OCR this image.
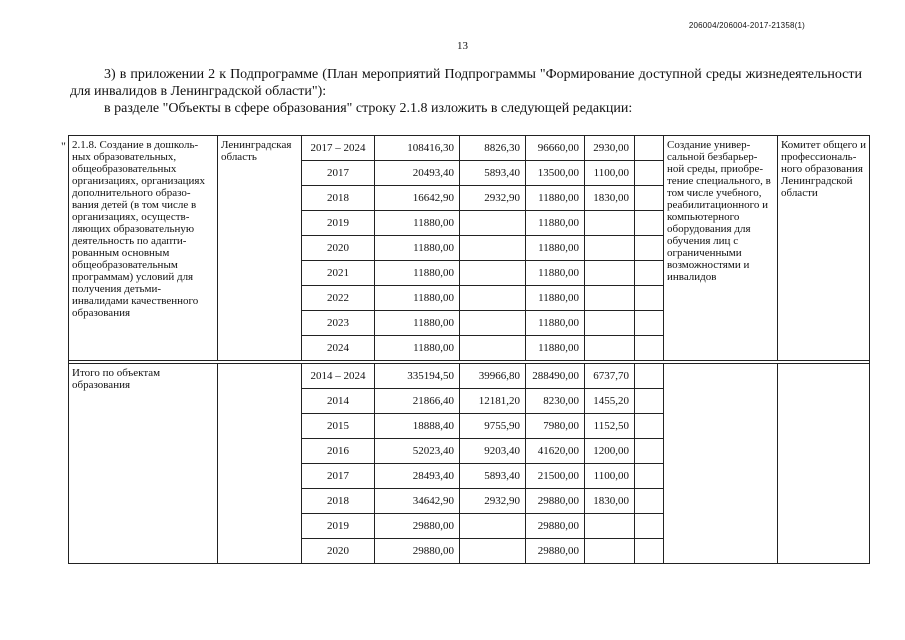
206004/206004-2017-21358(1)
13

3) в приложении 2 к Подпрограмме (План мероприятий Подпрограммы "Формирование доступной среды жизнедеятельности для инвалидов в Ленинградской области"):

в разделе "Объекты в сфере образования" строку 2.1.8 изложить в следующей редакции:

" 2.1.8. Создание в дошколь-ных образовательных, общеобразовательных организациях, организациях дополнительного образо-вания детей (в том числе в организациях, осуществ-ляющих образовательную деятельность по адапти-рованным основным общеобразовательным программам) условий для получения детьми-инвалидами качественного образования	Ленинградская область	2017 – 2024	108416,30	8826,30	96660,00	2930,00		Создание универ-сальной безбарьер-ной среды, приобре-тение специального, в том числе учебного, реабилитационного и компьютерного оборудования для обучения лиц с ограниченными возможностями и инвалидов	Комитет общего и профессиональ-ного образования Ленинградской области
		2017	20493,40	5893,40	13500,00	1100,00			
		2018	16642,90	2932,90	11880,00	1830,00			
		2019	11880,00		11880,00				
		2020	11880,00		11880,00				
		2021	11880,00		11880,00				
		2022	11880,00		11880,00				
		2023	11880,00		11880,00				
		2024	11880,00		11880,00				

Итого по объектам образования		2014 – 2024	335194,50	39966,80	288490,00	6737,70			
		2014	21866,40	12181,20	8230,00	1455,20			
		2015	18888,40	9755,90	7980,00	1152,50			
		2016	52023,40	9203,40	41620,00	1200,00			
		2017	28493,40	5893,40	21500,00	1100,00			
		2018	34642,90	2932,90	29880,00	1830,00			
		2019	29880,00		29880,00				
		2020	29880,00		29880,00				
